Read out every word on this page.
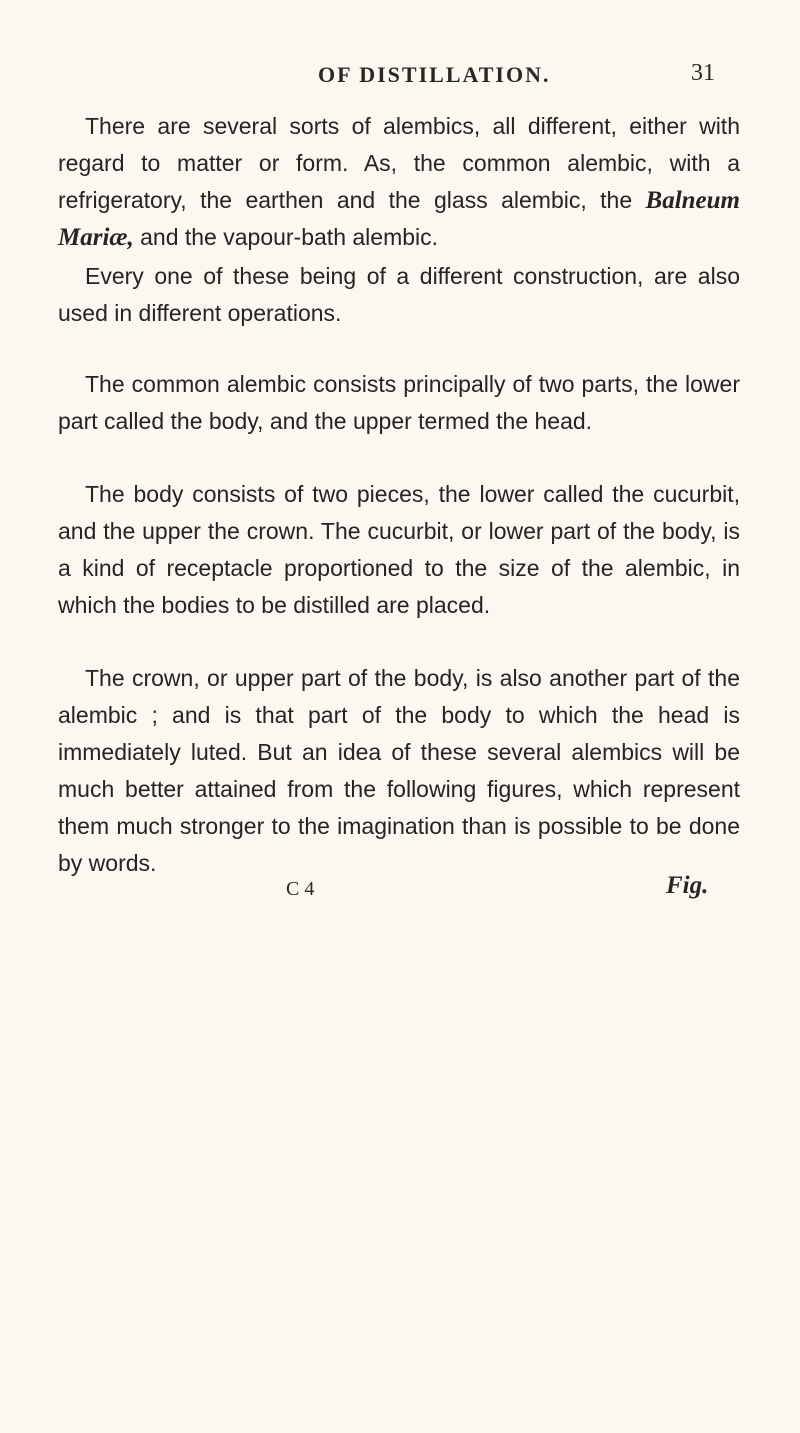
OF DISTILLATION.	31

There are several sorts of alembics, all different, either with regard to matter or form. As, the common alembic, with a refrigeratory, the earthen and the glass alembic, the Balneum Mariæ, and the vapour-bath alembic.

Every one of these being of a different construction, are also used in different operations.

The common alembic consists principally of two parts, the lower part called the body, and the upper termed the head.

The body consists of two pieces, the lower called the cucurbit, and the upper the crown. The cucurbit, or lower part of the body, is a kind of receptacle proportioned to the size of the alembic, in which the bodies to be distilled are placed.

The crown, or upper part of the body, is also another part of the alembic ; and is that part of the body to which the head is immediately luted. But an idea of these several alembics will be much better attained from the following figures, which represent them much stronger to the imagination than is possible to be done by words.

C 4	Fig.
